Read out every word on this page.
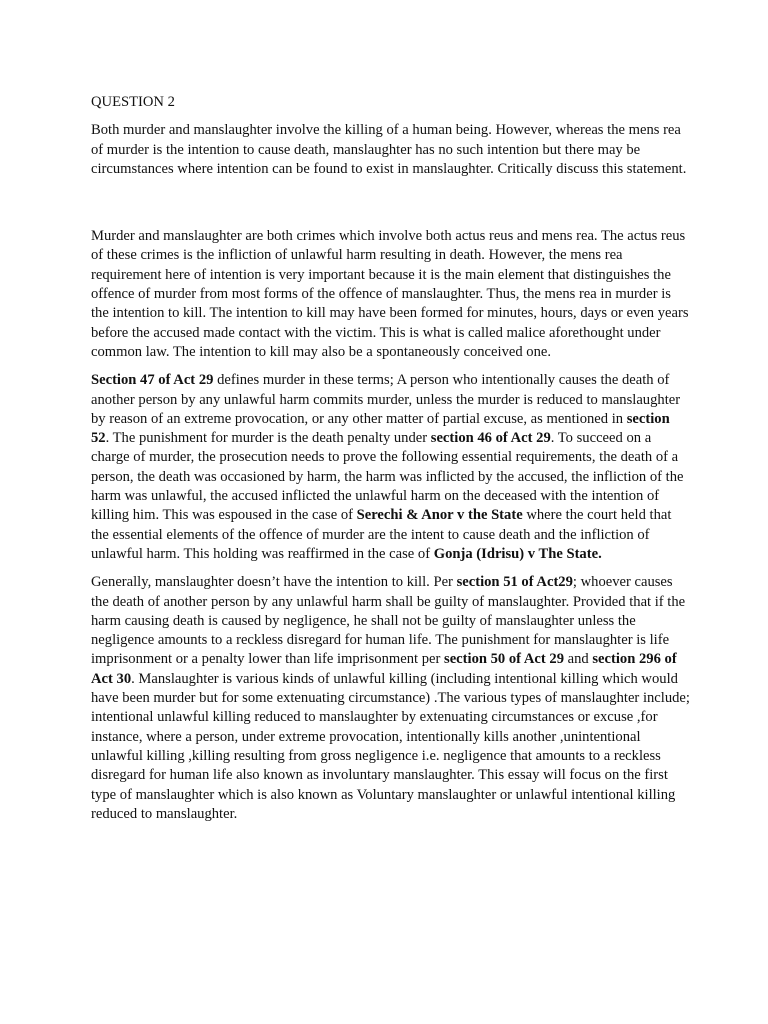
QUESTION 2

Both murder and manslaughter involve the killing of a human being. However, whereas the mens rea of murder is the intention to cause death, manslaughter has no such intention but there may be circumstances where intention can be found to exist in manslaughter. Critically discuss this statement.

Murder and manslaughter are both crimes which involve both actus reus and mens rea. The actus reus of these crimes is the infliction of unlawful harm resulting in death. However, the mens rea requirement here of intention is very important because it is the main element that distinguishes the offence of murder from most forms of the offence of manslaughter. Thus, the mens rea in murder is the intention to kill. The intention to kill may have been formed for minutes, hours, days or even years before the accused made contact with the victim. This is what is called malice aforethought under common law. The intention to kill may also be a spontaneously conceived one.

Section 47 of Act 29 defines murder in these terms; A person who intentionally causes the death of another person by any unlawful harm commits murder, unless the murder is reduced to manslaughter by reason of an extreme provocation, or any other matter of partial excuse, as mentioned in section 52. The punishment for murder is the death penalty under section 46 of Act 29. To succeed on a charge of murder, the prosecution needs to prove the following essential requirements, the death of a person, the death was occasioned by harm, the harm was inflicted by the accused, the infliction of the harm was unlawful, the accused inflicted the unlawful harm on the deceased with the intention of killing him. This was espoused in the case of Serechi & Anor v the State where the court held that the essential elements of the offence of murder are the intent to cause death and the infliction of unlawful harm. This holding was reaffirmed in the case of Gonja (Idrisu) v The State.

Generally, manslaughter doesn’t have the intention to kill. Per section 51 of Act29; whoever causes the death of another person by any unlawful harm shall be guilty of manslaughter. Provided that if the harm causing death is caused by negligence, he shall not be guilty of manslaughter unless the negligence amounts to a reckless disregard for human life. The punishment for manslaughter is life imprisonment or a penalty lower than life imprisonment per section 50 of Act 29 and section 296 of Act 30. Manslaughter is various kinds of unlawful killing (including intentional killing which would have been murder but for some extenuating circumstance) .The various types of manslaughter include; intentional unlawful killing reduced to manslaughter by extenuating circumstances or excuse ,for instance, where a person, under extreme provocation, intentionally kills another ,unintentional unlawful killing ,killing resulting from gross negligence i.e. negligence that amounts to a reckless disregard for human life also known as involuntary manslaughter. This essay will focus on the first type of manslaughter which is also known as Voluntary manslaughter or unlawful intentional killing reduced to manslaughter.
